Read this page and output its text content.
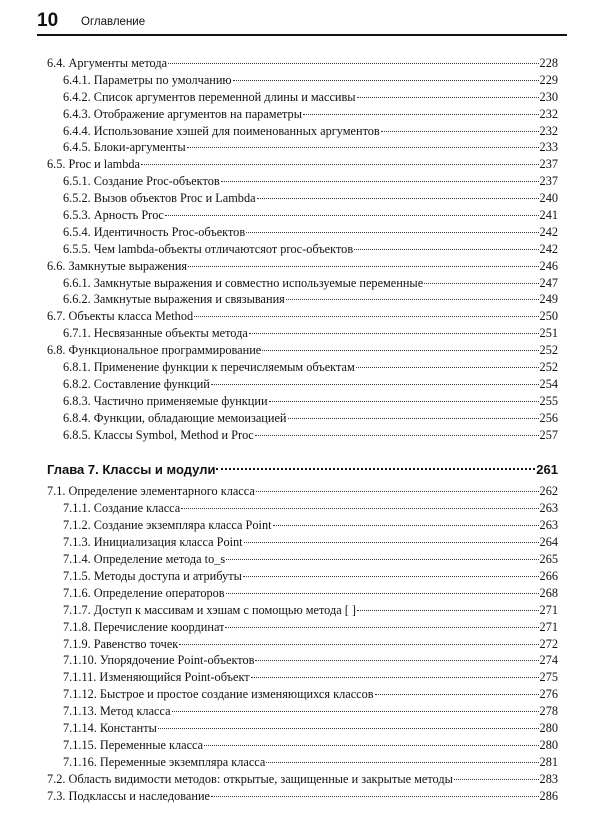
10 Оглавление
6.4. Аргументы метода	228
6.4.1. Параметры по умолчанию	229
6.4.2. Список аргументов переменной длины и массивы	230
6.4.3. Отображение аргументов на параметры	232
6.4.4. Использование хэшей для поименованных аргументов	232
6.4.5. Блоки-аргументы	233
6.5. Proc и lambda	237
6.5.1. Создание Proc-объектов	237
6.5.2. Вызов объектов Proc и Lambda	240
6.5.3. Арность Proc	241
6.5.4. Идентичность Proc-объектов	242
6.5.5. Чем lambda-объекты отличаютсяот proc-объектов	242
6.6. Замкнутые выражения	246
6.6.1. Замкнутые выражения и совместно используемые переменные	247
6.6.2. Замкнутые выражения и связывания	249
6.7. Объекты класса Method	250
6.7.1. Несвязанные объекты метода	251
6.8. Функциональное программирование	252
6.8.1. Применение функции к перечисляемым объектам	252
6.8.2. Составление функций	254
6.8.3. Частично применяемые функции	255
6.8.4. Функции, обладающие мемоизацией	256
6.8.5. Классы Symbol, Method и Proc	257
Глава 7. Классы и модули	261
7.1. Определение элементарного класса	262
7.1.1. Создание класса	263
7.1.2. Создание экземпляра класса Point	263
7.1.3. Инициализация класса Point	264
7.1.4. Определение метода to_s	265
7.1.5. Методы доступа и атрибуты	266
7.1.6. Определение операторов	268
7.1.7. Доступ к массивам и хэшам с помощью метода [ ]	271
7.1.8. Перечисление координат	271
7.1.9. Равенство точек	272
7.1.10. Упорядочение Point-объектов	274
7.1.11. Изменяющийся Point-объект	275
7.1.12. Быстрое и простое создание изменяющихся классов	276
7.1.13. Метод класса	278
7.1.14. Константы	280
7.1.15. Переменные класса	280
7.1.16. Переменные экземпляра класса	281
7.2. Область видимости методов: открытые, защищенные и закрытые методы	283
7.3. Подклассы и наследование	286
